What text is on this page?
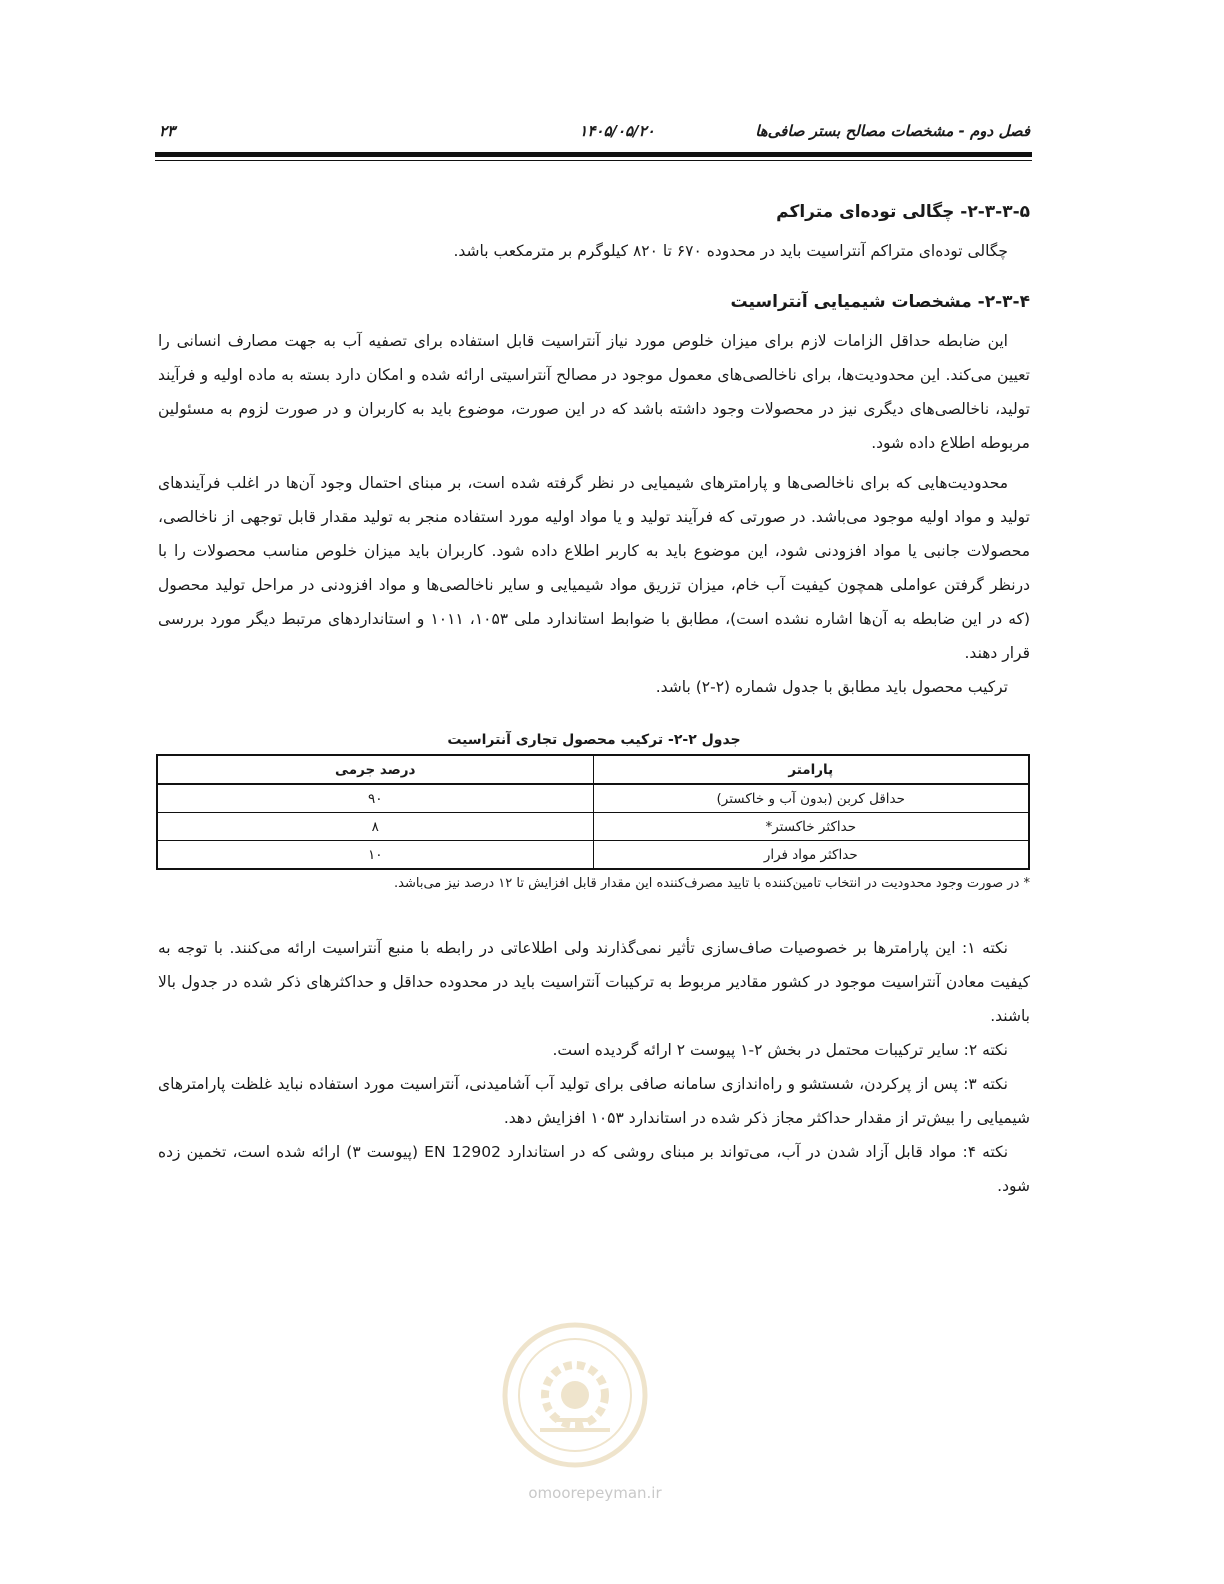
فصل دوم - مشخصات مصالح بستر صافی‌ها
۱۴۰۵/۰۵/۲۰
۲۳
۲-۳-۳-۵- چگالی توده‌ای متراکم

چگالی توده‌ای متراکم آنتراسیت باید در محدوده ۶۷۰ تا ۸۲۰ کیلوگرم بر مترمکعب باشد.

۲-۳-۴- مشخصات شیمیایی آنتراسیت

این ضابطه حداقل الزامات لازم برای میزان خلوص مورد نیاز آنتراسیت قابل استفاده برای تصفیه آب به جهت مصارف انسانی را تعیین می‌کند. این محدودیت‌ها، برای ناخالصی‌های معمول موجود در مصالح آنتراسیتی ارائه شده و امکان دارد بسته به ماده اولیه و فرآیند تولید، ناخالصی‌های دیگری نیز در محصولات وجود داشته باشد که در این صورت، موضوع باید به کاربران و در صورت لزوم به مسئولین مربوطه اطلاع داده شود.

محدودیت‌هایی که برای ناخالصی‌ها و پارامترهای شیمیایی در نظر گرفته شده است، بر مبنای احتمال وجود آن‌ها در اغلب فرآیندهای تولید و مواد اولیه موجود می‌باشد. در صورتی که فرآیند تولید و یا مواد اولیه مورد استفاده منجر به تولید مقدار قابل توجهی از ناخالصی، محصولات جانبی یا مواد افزودنی شود، این موضوع باید به کاربر اطلاع داده شود. کاربران باید میزان خلوص مناسب محصولات را با درنظر گرفتن عواملی همچون کیفیت آب خام، میزان تزریق مواد شیمیایی و سایر ناخالصی‌ها و مواد افزودنی در مراحل تولید محصول (که در این ضابطه به آن‌ها اشاره نشده است)، مطابق با ضوابط استاندارد ملی ۱۰۵۳، ۱۰۱۱ و استانداردهای مرتبط دیگر مورد بررسی قرار دهند.

ترکیب محصول باید مطابق با جدول شماره (۲-۲) باشد.

جدول ۲-۲- ترکیب محصول تجاری آنتراسیت

پارامتر	درصد جرمی
حداقل کربن (بدون آب و خاکستر)	۹۰
حداکثر خاکستر*	۸
حداکثر مواد فرار	۱۰

* در صورت وجود محدودیت در انتخاب تامین‌کننده با تایید مصرف‌کننده این مقدار قابل افزایش تا ۱۲ درصد نیز می‌باشد.

نکته ۱: این پارامترها بر خصوصیات صاف‌سازی تأثیر نمی‌گذارند ولی اطلاعاتی در رابطه با منبع آنتراسیت ارائه می‌کنند. با توجه به کیفیت معادن آنتراسیت موجود در کشور مقادیر مربوط به ترکیبات آنتراسیت باید در محدوده حداقل و حداکثرهای ذکر شده در جدول بالا باشند.

نکته ۲: سایر ترکیبات محتمل در بخش ۲-۱ پیوست ۲ ارائه گردیده است.

نکته ۳: پس از پرکردن، شستشو و راه‌اندازی سامانه صافی برای تولید آب آشامیدنی، آنتراسیت مورد استفاده نباید غلظت پارامترهای شیمیایی را بیش‌تر از مقدار حداکثر مجاز ذکر شده در استاندارد ۱۰۵۳ افزایش دهد.

نکته ۴: مواد قابل آزاد شدن در آب، می‌تواند بر مبنای روشی که در استاندارد EN 12902 (پیوست ۳) ارائه شده است، تخمین زده شود.

omoorepeyman.ir
